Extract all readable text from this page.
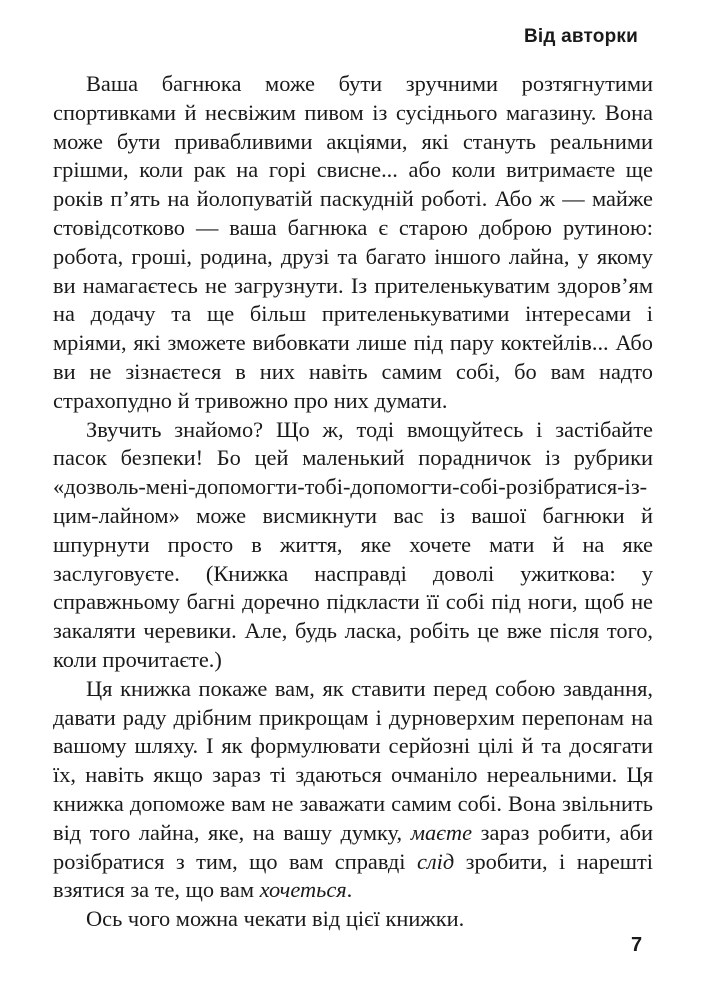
Від авторки

Ваша багнюка може бути зручними розтягнутими спортивками й несвіжим пивом із сусіднього магазину. Вона може бути привабливими акціями, які стануть реальними грішми, коли рак на горі свисне... або коли витримаєте ще років п’ять на йолопуватій паскудній роботі. Або ж — майже стовідсотково — ваша багнюка є старою доброю рутиною: робота, гроші, родина, друзі та багато іншого лайна, у якому ви намагаєтесь не загрузнути. Із прителенькуватим здоров’ям на додачу та ще більш прителенькуватими інтересами і мріями, які зможете вибовкати лише під пару коктейлів... Або ви не зізнаєтеся в них навіть самим собі, бо вам надто страхопудно й тривожно про них думати.

Звучить знайомо? Що ж, тоді вмощуйтесь і застібайте пасок безпеки! Бо цей маленький порадничок із рубрики «дозволь-мені-допомогти-тобі-допомогти-собі-розібратися-із-цим-лайном» може висмикнути вас із вашої багнюки й шпурнути просто в життя, яке хочете мати й на яке заслуговуєте. (Книжка насправді доволі ужиткова: у справжньому багні доречно підкласти її собі під ноги, щоб не закаляти черевики. Але, будь ласка, робіть це вже після того, коли прочитаєте.)

Ця книжка покаже вам, як ставити перед собою завдання, давати раду дрібним прикрощам і дурноверхим перепонам на вашому шляху. І як формулювати серйозні цілі й та досягати їх, навіть якщо зараз ті здаються очманіло нереальними. Ця книжка допоможе вам не заважати самим собі. Вона звільнить від того лайна, яке, на вашу думку, маєте зараз робити, аби розібратися з тим, що вам справді слід зробити, і нарешті взятися за те, що вам хочеться.

Ось чого можна чекати від цієї книжки.

7
